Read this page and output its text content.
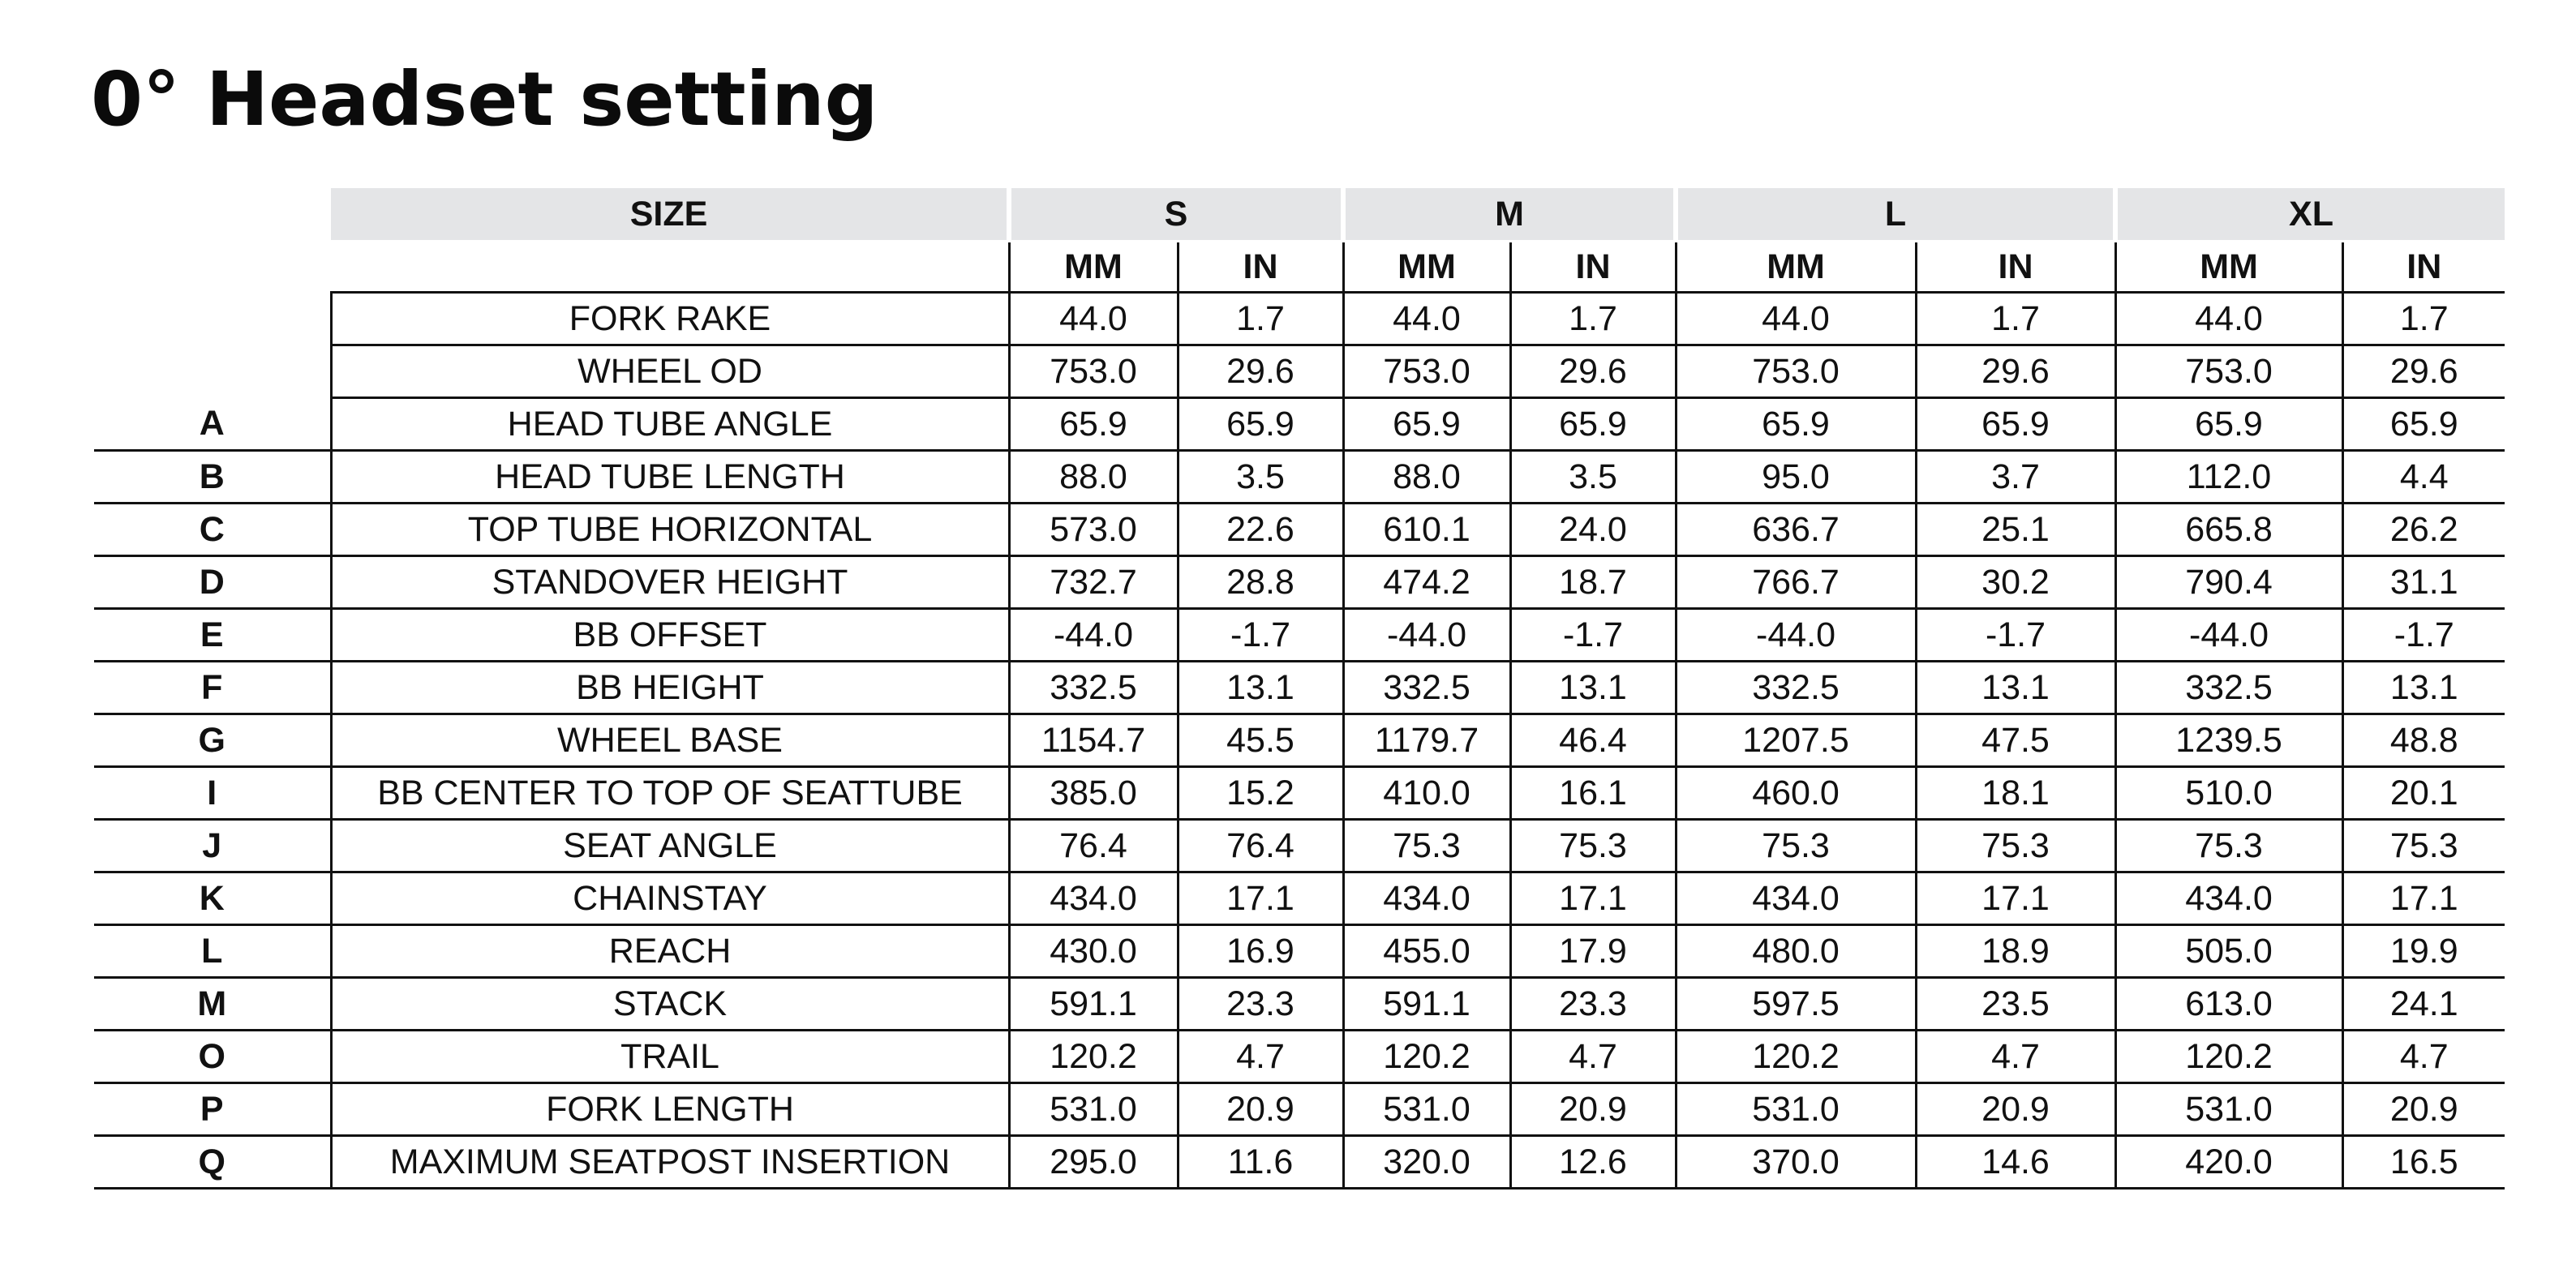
0° Headset setting
	SIZE	S		M		L		XL	
		MM	IN	MM	IN	MM	IN	MM	IN
	FORK RAKE	44.0	1.7	44.0	1.7	44.0	1.7	44.0	1.7
	WHEEL OD	753.0	29.6	753.0	29.6	753.0	29.6	753.0	29.6
A	HEAD TUBE ANGLE	65.9	65.9	65.9	65.9	65.9	65.9	65.9	65.9
B	HEAD TUBE LENGTH	88.0	3.5	88.0	3.5	95.0	3.7	112.0	4.4
C	TOP TUBE HORIZONTAL	573.0	22.6	610.1	24.0	636.7	25.1	665.8	26.2
D	STANDOVER HEIGHT	732.7	28.8	474.2	18.7	766.7	30.2	790.4	31.1
E	BB OFFSET	-44.0	-1.7	-44.0	-1.7	-44.0	-1.7	-44.0	-1.7
F	BB HEIGHT	332.5	13.1	332.5	13.1	332.5	13.1	332.5	13.1
G	WHEEL BASE	1154.7	45.5	1179.7	46.4	1207.5	47.5	1239.5	48.8
I	BB CENTER TO TOP OF SEATTUBE	385.0	15.2	410.0	16.1	460.0	18.1	510.0	20.1
J	SEAT ANGLE	76.4	76.4	75.3	75.3	75.3	75.3	75.3	75.3
K	CHAINSTAY	434.0	17.1	434.0	17.1	434.0	17.1	434.0	17.1
L	REACH	430.0	16.9	455.0	17.9	480.0	18.9	505.0	19.9
M	STACK	591.1	23.3	591.1	23.3	597.5	23.5	613.0	24.1
O	TRAIL	120.2	4.7	120.2	4.7	120.2	4.7	120.2	4.7
P	FORK LENGTH	531.0	20.9	531.0	20.9	531.0	20.9	531.0	20.9
Q	MAXIMUM SEATPOST INSERTION	295.0	11.6	320.0	12.6	370.0	14.6	420.0	16.5
